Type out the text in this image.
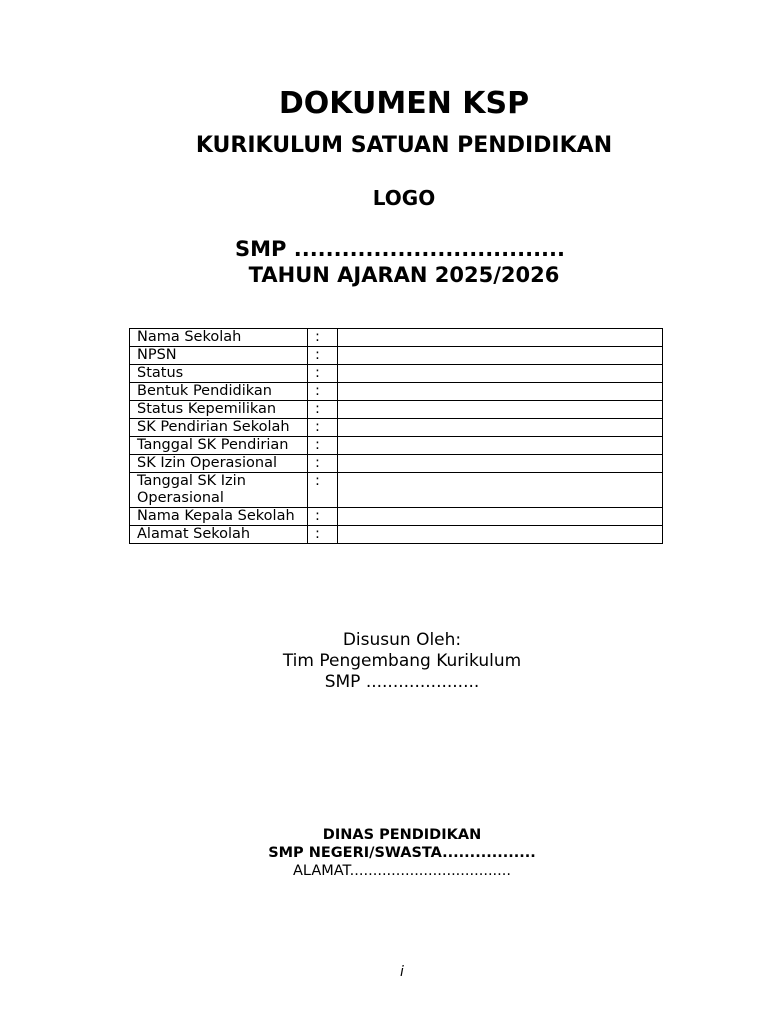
DOKUMEN KSP
KURIKULUM SATUAN PENDIDIKAN
LOGO
SMP ..................................
TAHUN AJARAN 2025/2026
Nama Sekolah	:	
NPSN	:	
Status	:	
Bentuk Pendidikan	:	
Status Kepemilikan	:	
SK Pendirian Sekolah	:	
Tanggal SK Pendirian	:	
SK Izin Operasional	:	
Tanggal SK Izin Operasional	:	
Nama Kepala Sekolah	:	
Alamat Sekolah	:	
Disusun Oleh:
Tim Pengembang Kurikulum
SMP .....................
DINAS PENDIDIKAN
SMP NEGERI/SWASTA.................
ALAMAT...................................
i
